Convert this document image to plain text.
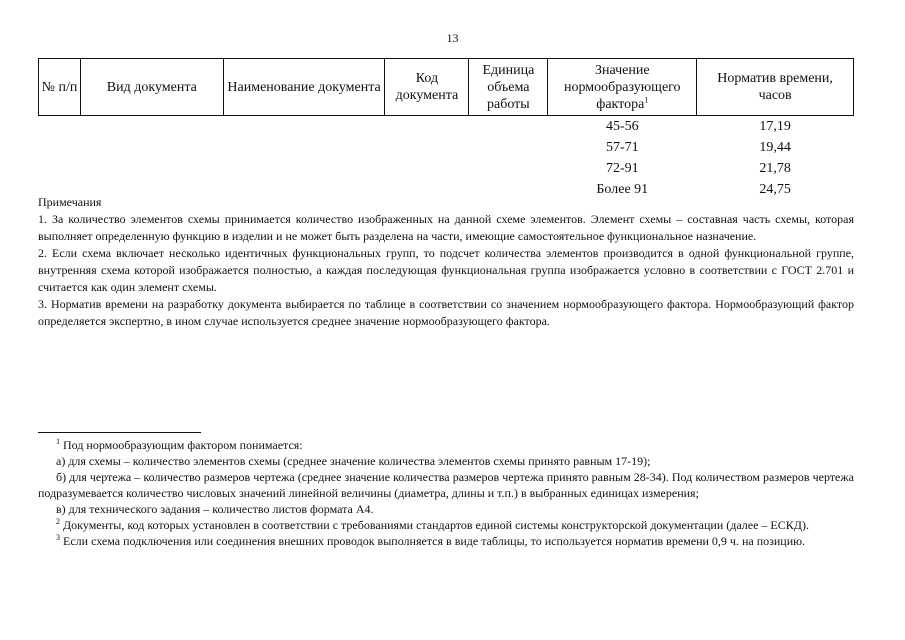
13
№ п/п	Вид документа	Наименование документа	Код документа	Единица объема работы	Значение нормообразующего фактора$^1$	Норматив времени, часов
					45-56	17,19
					57-71	19,44
					72-91	21,78
					Более 91	24,75

Примечания

1. За количество элементов схемы принимается количество изображенных на данной схеме элементов. Элемент схемы – составная часть схемы, которая выполняет определенную функцию в изделии и не может быть разделена на части, имеющие самостоятельное функциональное назначение.

2. Если схема включает несколько идентичных функциональных групп, то подсчет количества элементов производится в одной функциональной группе, внутренняя схема которой изображается полностью, а каждая последующая функциональная группа изображается условно в соответствии с ГОСТ 2.701 и считается как один элемент схемы.

3. Норматив времени на разработку документа выбирается по таблице в соответствии со значением нормообразующего фактора. Нормообразующий фактор определяется экспертно, в ином случае используется среднее значение нормообразующего фактора.

$^1$ Под нормообразующим фактором понимается:

а) для схемы – количество элементов схемы (среднее значение количества элементов схемы принято равным 17-19);

б) для чертежа – количество размеров чертежа (среднее значение количества размеров чертежа принято равным 28-34). Под количеством размеров чертежа подразумевается количество числовых значений линейной величины (диаметра, длины и т.п.) в выбранных единицах измерения;

в) для технического задания – количество листов формата А4.

$^2$ Документы, код которых установлен в соответствии с требованиями стандартов единой системы конструкторской документации (далее – ЕСКД).

$^3$ Если схема подключения или соединения внешних проводок выполняется в виде таблицы, то используется норматив времени 0,9 ч. на позицию.
